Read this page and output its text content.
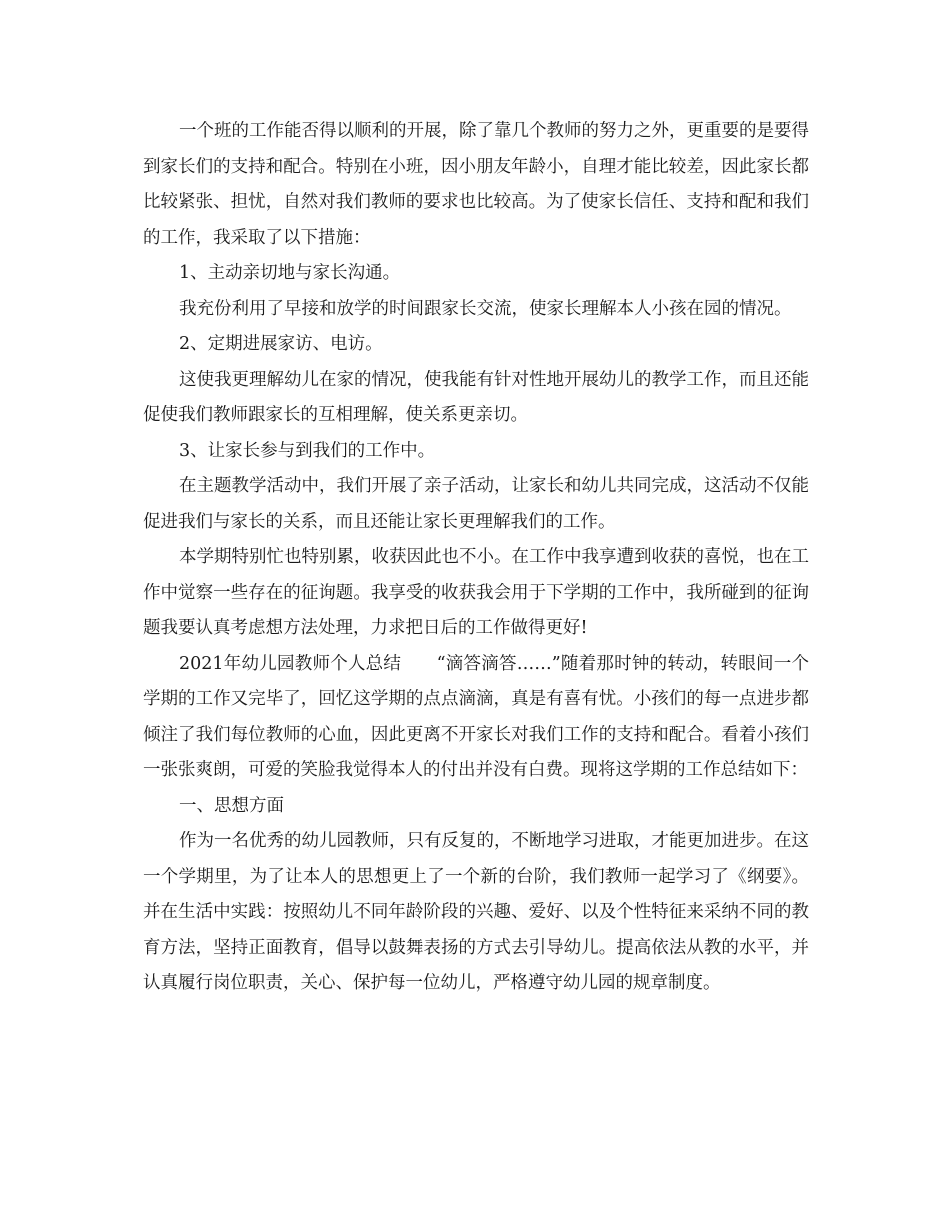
一个班的工作能否得以顺利的开展，除了靠几个教师的努力之外，更重要的是要得到家长们的支持和配合。特别在小班，因小朋友年龄小，自理才能比较差，因此家长都比较紧张、担忧，自然对我们教师的要求也比较高。为了使家长信任、支持和配和我们的工作，我采取了以下措施：

1、主动亲切地与家长沟通。

我充份利用了早接和放学的时间跟家长交流，使家长理解本人小孩在园的情况。

2、定期进展家访、电访。

这使我更理解幼儿在家的情况，使我能有针对性地开展幼儿的教学工作，而且还能促使我们教师跟家长的互相理解，使关系更亲切。

3、让家长参与到我们的工作中。

在主题教学活动中，我们开展了亲子活动，让家长和幼儿共同完成，这活动不仅能促进我们与家长的关系，而且还能让家长更理解我们的工作。

本学期特别忙也特别累，收获因此也不小。在工作中我享遭到收获的喜悦，也在工作中觉察一些存在的征询题。我享受的收获我会用于下学期的工作中，我所碰到的征询题我要认真考虑想方法处理，力求把日后的工作做得更好!

2021年幼儿园教师个人总结　　“滴答滴答……”随着那时钟的转动，转眼间一个学期的工作又完毕了，回忆这学期的点点滴滴，真是有喜有忧。小孩们的每一点进步都倾注了我们每位教师的心血，因此更离不开家长对我们工作的支持和配合。看着小孩们一张张爽朗，可爱的笑脸我觉得本人的付出并没有白费。现将这学期的工作总结如下：

一、思想方面

作为一名优秀的幼儿园教师，只有反复的，不断地学习进取，才能更加进步。在这一个学期里，为了让本人的思想更上了一个新的台阶，我们教师一起学习了《纲要》。并在生活中实践：按照幼儿不同年龄阶段的兴趣、爱好、以及个性特征来采纳不同的教育方法，坚持正面教育，倡导以鼓舞表扬的方式去引导幼儿。提高依法从教的水平，并认真履行岗位职责，关心、保护每一位幼儿，严格遵守幼儿园的规章制度。
